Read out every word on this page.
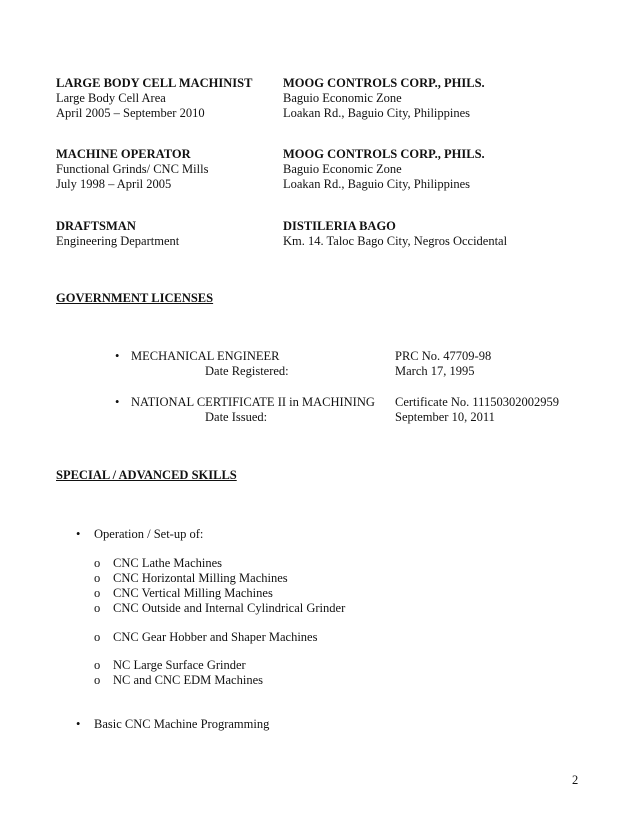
LARGE BODY CELL MACHINIST
Large Body Cell Area
April 2005 – September 2010
MOOG CONTROLS CORP., PHILS.
Baguio Economic Zone
Loakan Rd., Baguio City, Philippines
MACHINE OPERATOR
Functional Grinds/ CNC Mills
July 1998 – April 2005
MOOG CONTROLS CORP., PHILS.
Baguio Economic Zone
Loakan Rd., Baguio City, Philippines
DRAFTSMAN
Engineering Department
DISTILERIA BAGO
Km. 14. Taloc Bago City, Negros Occidental
GOVERNMENT LICENSES
•
MECHANICAL ENGINEER
Date Registered:
PRC No. 47709-98
March 17, 1995
•
NATIONAL CERTIFICATE II in MACHINING
Date Issued:
Certificate No. 11150302002959
September 10, 2011
SPECIAL / ADVANCED SKILLS
•
Operation / Set-up of:
o
CNC Lathe Machines
o
CNC Horizontal Milling Machines
o
CNC Vertical Milling Machines
o
CNC Outside and Internal Cylindrical Grinder
o
CNC Gear Hobber and Shaper Machines
o
NC Large Surface Grinder
o
NC and CNC EDM Machines
•
Basic CNC Machine Programming
2
